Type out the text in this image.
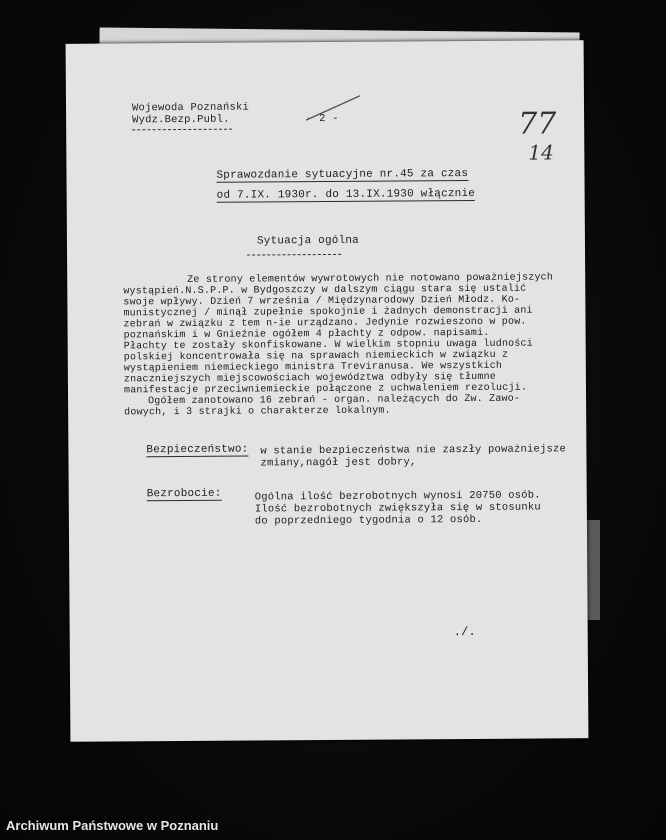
Wojewoda Poznański
Wydz.Bezp.Publ.	- 2 -	77
14
Sprawozdanie sytuacyjne nr.45 za czas
od 7.IX. 1930r. do 13.IX.1930 włącznie
Sytuacja ogólna
Ze strony elementów wywrotowych nie notowano poważniejszych
wystąpień.N.S.P.P. w Bydgoszczy w dalszym ciągu stara się ustalić
swoje wpływy. Dzień 7 września / Międzynarodowy Dzień Młodz. Ko-
munistycznej / minął zupełnie spokojnie i żadnych demonstracji ani
zebrań w związku z tem n-ie urządzano. Jedynie rozwieszono w pow.
poznańskim i w Gnieźnie ogółem 4 płachty z odpow. napisami.
Płachty te zostały skonfiskowane. W wielkim stopniu uwaga ludności
polskiej koncentrowała się na sprawach niemieckich w związku z
wystąpieniem niemieckiego ministra Treviranusa. We wszystkich
znaczniejszych miejscowościach województwa odbyły się tłumne
manifestacje przeciwniemieckie połączone z uchwaleniem rezolucji.
Ogółem zanotowano 16 zebrań - organ. należących do Zw. Zawo-
dowych, i 3 strajki o charakterze lokalnym.
Bezpieczeństwo: w stanie bezpieczeństwa nie zaszły poważniejsze
zmiany,nagół jest dobry,
Bezrobocie:	Ogólna ilość bezrobotnych wynosi 20750 osób.
Ilość bezrobotnych zwiększyła się w stosunku
do poprzedniego tygodnia o 12 osób.
./.
Archiwum Państwowe w Poznaniu
